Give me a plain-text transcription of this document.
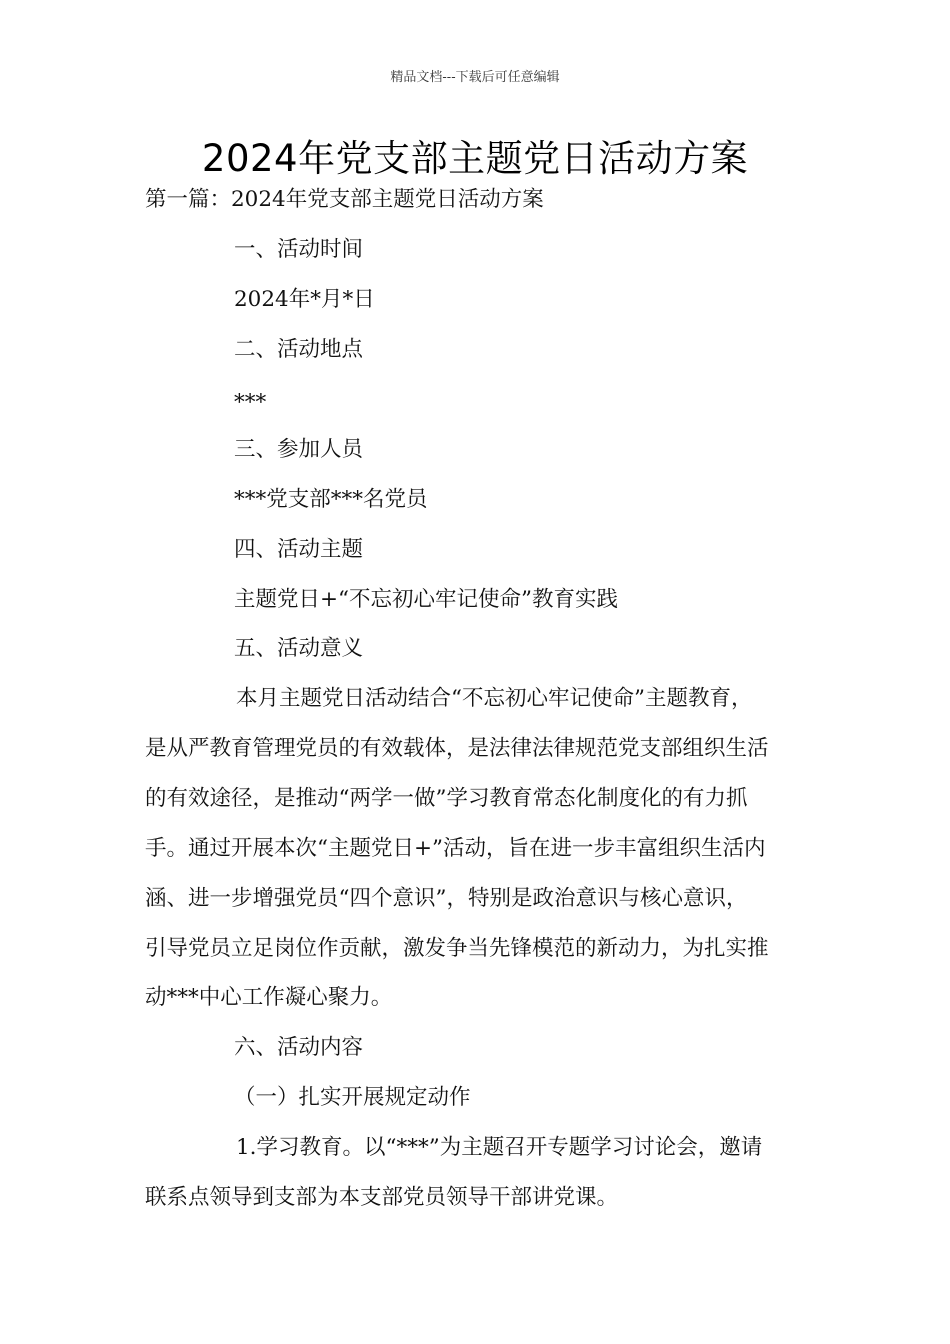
精品文档---下载后可任意编辑
2024年党支部主题党日活动方案
第一篇：2024年党支部主题党日活动方案
一、活动时间
2024年*月*日
二、活动地点
***
三、参加人员
***党支部***名党员
四、活动主题
主题党日+“不忘初心牢记使命”教育实践
五、活动意义
本月主题党日活动结合“不忘初心牢记使命”主题教育，
是从严教育管理党员的有效载体，是法律法律规范党支部组织生活
的有效途径，是推动“两学一做”学习教育常态化制度化的有力抓
手。通过开展本次“主题党日+”活动，旨在进一步丰富组织生活内
涵、进一步增强党员“四个意识”，特别是政治意识与核心意识，
引导党员立足岗位作贡献，激发争当先锋模范的新动力，为扎实推
动***中心工作凝心聚力。
六、活动内容
（一）扎实开展规定动作
1.学习教育。以“***”为主题召开专题学习讨论会，邀请
联系点领导到支部为本支部党员领导干部讲党课。
